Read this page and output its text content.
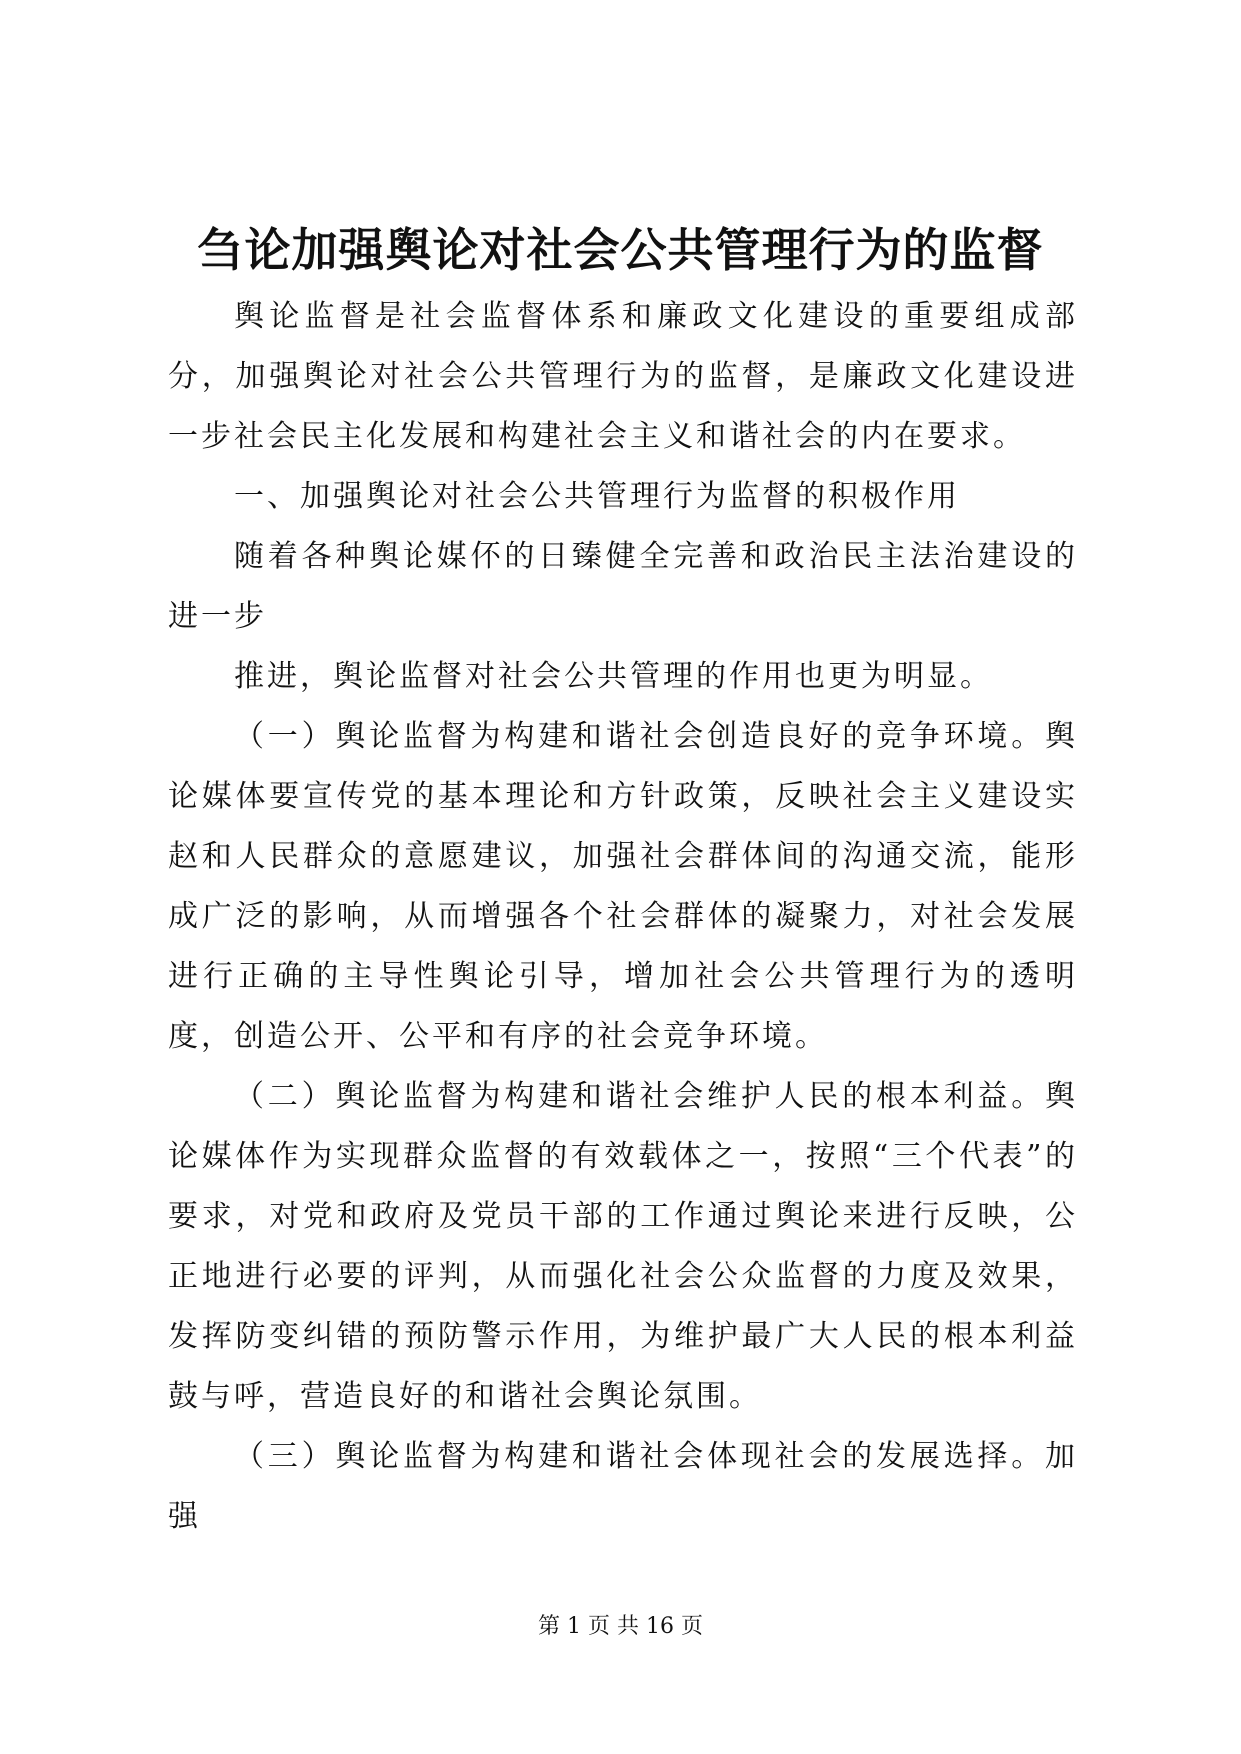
刍论加强舆论对社会公共管理行为的监督

舆论监督是社会监督体系和廉政文化建设的重要组成部分，加强舆论对社会公共管理行为的监督，是廉政文化建设进一步社会民主化发展和构建社会主义和谐社会的内在要求。

一、加强舆论对社会公共管理行为监督的积极作用

随着各种舆论媒伓的日臻健全完善和政治民主法治建设的进一步

推进，舆论监督对社会公共管理的作用也更为明显。

（一）舆论监督为构建和谐社会创造良好的竞争环境。舆论媒体要宣传党的基本理论和方针政策，反映社会主义建设实赵和人民群众的意愿建议，加强社会群体间的沟通交流，能形成广泛的影响，从而增强各个社会群体的凝聚力，对社会发展进行正确的主导性舆论引导，增加社会公共管理行为的透明度，创造公开、公平和有序的社会竞争环境。

（二）舆论监督为构建和谐社会维护人民的根本利益。舆论媒体作为实现群众监督的有效载体之一，按照“三个代表”的要求，对党和政府及党员干部的工作通过舆论来进行反映，公正地进行必要的评判，从而强化社会公众监督的力度及效果，发挥防变纠错的预防警示作用，为维护最广大人民的根本利益鼓与呼，营造良好的和谐社会舆论氛围。

（三）舆论监督为构建和谐社会体现社会的发展选择。加强

第 1 页 共 16 页
